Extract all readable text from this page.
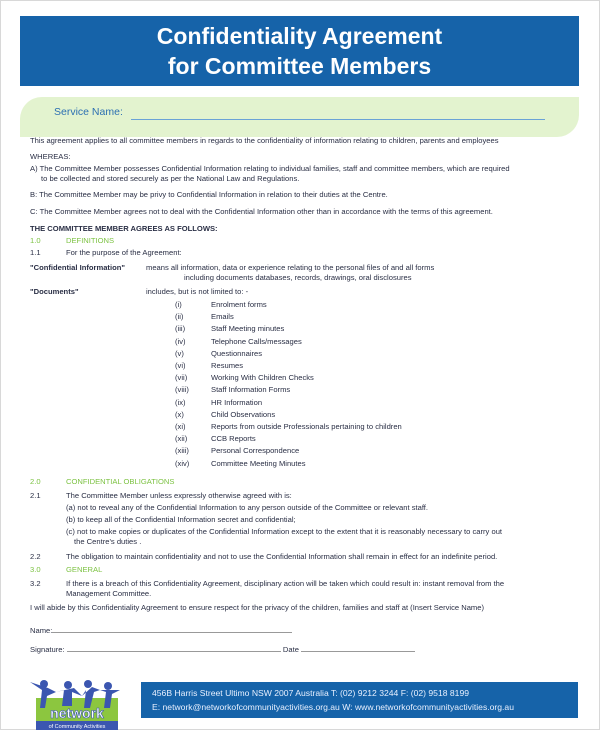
Confidentiality Agreement
for Committee Members
Service Name:
This agreement applies to all committee members in regards to the confidentiality of information relating to children, parents and employees
WHEREAS:
A) The Committee Member possesses Confidential Information relating to individual families, staff and committee members, which are required
to be collected and stored securely as per the National Law and Regulations.
B: The Committee Member may be privy to Confidential Information in relation to their duties at the Centre.
C: The Committee Member agrees not to deal with the Confidential Information other than in accordance with the terms of this agreement.
THE COMMITTEE MEMBER AGREES AS FOLLOWS:
1.0	DEFINITIONS
1.1	For the purpose of the Agreement:
"Confidential Information"	means all information, data or experience relating to the personal files of and all forms
including documents databases, records, drawings, oral disclosures
"Documents"	includes, but is not limited to: -
(i)	Enrolment forms
(ii)	Emails
(iii)	Staff Meeting minutes
(iv)	Telephone Calls/messages
(v)	Questionnaires
(vi)	Resumes
(vii)	Working With Children Checks
(viii)	Staff Information Forms
(ix)	HR Information
(x)	Child Observations
(xi)	Reports from outside Professionals pertaining to children
(xii)	CCB Reports
(xiii)	Personal Correspondence
(xiv)	Committee Meeting Minutes
2.0	CONFIDENTIAL OBLIGATIONS
2.1	The Committee Member unless expressly otherwise agreed with is:
(a) not to reveal any of the Confidential Information to any person outside of the Committee or relevant staff.
(b) to keep all of the Confidential Information secret and confidential;
(c) not to make copies or duplicates of the Confidential Information except to the extent that it is reasonably necessary to carry out
the Centre's duties .
2.2	The obligation to maintain confidentiality and not to use the Confidential Information shall remain in effect for an indefinite period.
3.0	GENERAL
3.2	If there is a breach of this Confidentiality Agreement, disciplinary action will be taken which could result in: instant removal from the
Management Committee.
I will abide by this Confidentiality Agreement to ensure respect for the privacy of the children, families and staff at (Insert Service Name)
Name:
Signature:	Date
network
of Community Activities
456B Harris Street Ultimo NSW 2007 Australia T: (02) 9212 3244 F: (02) 9518 8199
E: network@networkofcommunityactivities.org.au W: www.networkofcommunityactivities.org.au
